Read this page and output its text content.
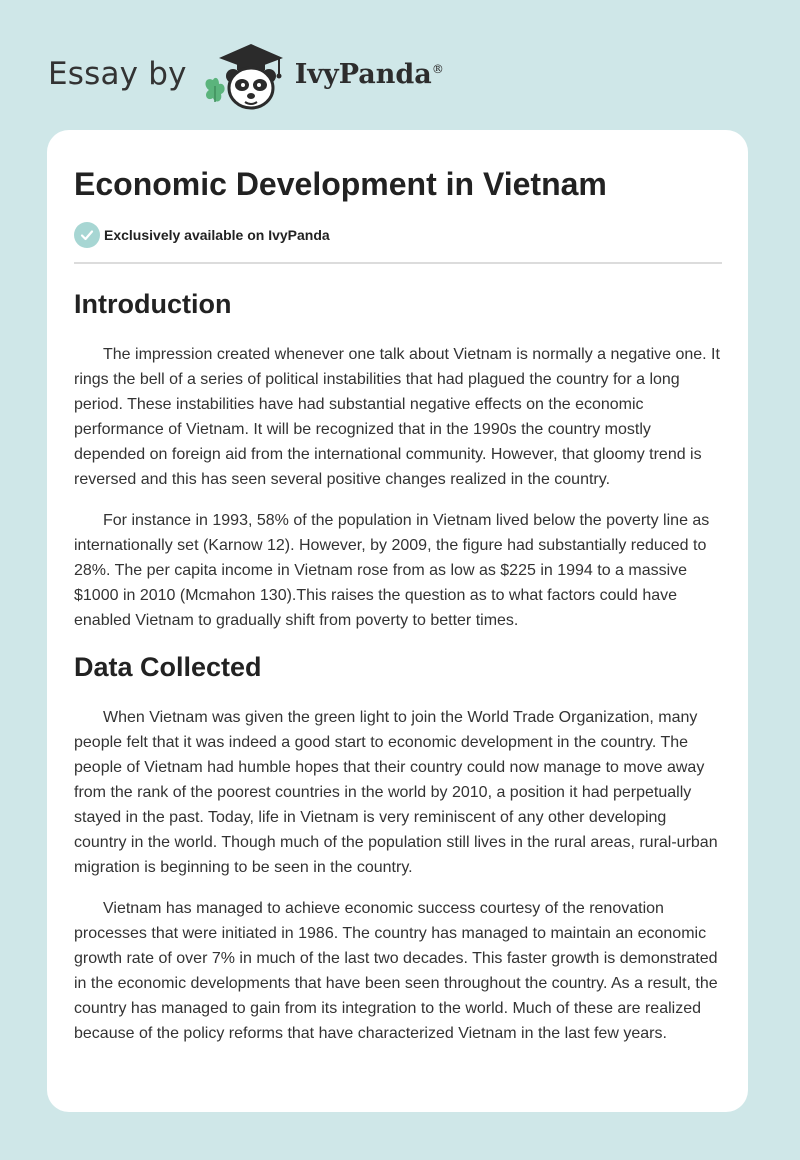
Essay by	IvyPanda®
Economic Development in Vietnam
Exclusively available on IvyPanda
Introduction

The impression created whenever one talk about Vietnam is normally a negative one. It rings the bell of a series of political instabilities that had plagued the country for a long period. These instabilities have had substantial negative effects on the economic performance of Vietnam. It will be recognized that in the 1990s the country mostly depended on foreign aid from the international community. However, that gloomy trend is reversed and this has seen several positive changes realized in the country.

For instance in 1993, 58% of the population in Vietnam lived below the poverty line as internationally set (Karnow 12). However, by 2009, the figure had substantially reduced to 28%. The per capita income in Vietnam rose from as low as $225 in 1994 to a massive $1000 in 2010 (Mcmahon 130).This raises the question as to what factors could have enabled Vietnam to gradually shift from poverty to better times.

Data Collected

When Vietnam was given the green light to join the World Trade Organization, many people felt that it was indeed a good start to economic development in the country. The people of Vietnam had humble hopes that their country could now manage to move away from the rank of the poorest countries in the world by 2010, a position it had perpetually stayed in the past. Today, life in Vietnam is very reminiscent of any other developing country in the world. Though much of the population still lives in the rural areas, rural-urban migration is beginning to be seen in the country.

Vietnam has managed to achieve economic success courtesy of the renovation processes that were initiated in 1986. The country has managed to maintain an economic growth rate of over 7% in much of the last two decades. This faster growth is demonstrated in the economic developments that have been seen throughout the country. As a result, the country has managed to gain from its integration to the world. Much of these are realized because of the policy reforms that have characterized Vietnam in the last few years.
